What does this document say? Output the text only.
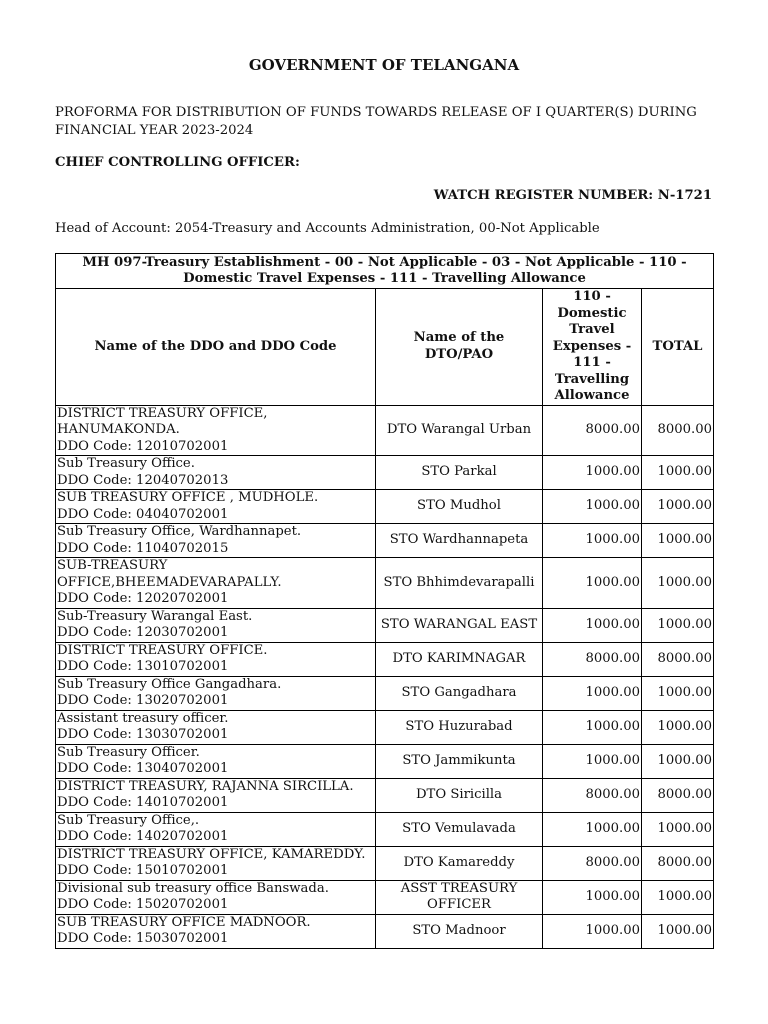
GOVERNMENT OF TELANGANA
PROFORMA FOR DISTRIBUTION OF FUNDS TOWARDS RELEASE OF I QUARTER(S) DURING FINANCIAL YEAR 2023-2024
CHIEF CONTROLLING OFFICER:
WATCH REGISTER NUMBER: N-1721
Head of Account: 2054-Treasury and Accounts Administration, 00-Not Applicable
MH 097-Treasury Establishment - 00 - Not Applicable - 03 - Not Applicable - 110 - Domestic Travel Expenses - 111 - Travelling Allowance			
Name of the DDO and DDO Code	Name of the DTO/PAO	110 - Domestic Travel Expenses - 111 - Travelling Allowance	TOTAL

DISTRICT TREASURY OFFICE, HANUMAKONDA.
DDO Code: 12010702001	DTO Warangal Urban	8000.00	8000.00

Sub Treasury Office.
DDO Code: 12040702013	STO Parkal	1000.00	1000.00

SUB TREASURY OFFICE , MUDHOLE.
DDO Code: 04040702001	STO Mudhol	1000.00	1000.00

Sub Treasury Office, Wardhannapet.
DDO Code: 11040702015	STO Wardhannapeta	1000.00	1000.00

SUB-TREASURY OFFICE,BHEEMADEVARAPALLY.
DDO Code: 12020702001	STO Bhhimdevarapalli	1000.00	1000.00

Sub-Treasury Warangal East.
DDO Code: 12030702001	STO WARANGAL EAST	1000.00	1000.00

DISTRICT TREASURY OFFICE.
DDO Code: 13010702001	DTO KARIMNAGAR	8000.00	8000.00

Sub Treasury Office Gangadhara.
DDO Code: 13020702001	STO Gangadhara	1000.00	1000.00

Assistant treasury officer.
DDO Code: 13030702001	STO Huzurabad	1000.00	1000.00

Sub Treasury Officer.
DDO Code: 13040702001	STO Jammikunta	1000.00	1000.00

DISTRICT TREASURY, RAJANNA SIRCILLA.
DDO Code: 14010702001	DTO Siricilla	8000.00	8000.00

Sub Treasury Office,.
DDO Code: 14020702001	STO Vemulavada	1000.00	1000.00

DISTRICT TREASURY OFFICE, KAMAREDDY.
DDO Code: 15010702001	DTO Kamareddy	8000.00	8000.00

Divisional sub treasury office Banswada.
DDO Code: 15020702001	ASST TREASURY OFFICER	1000.00	1000.00

SUB TREASURY OFFICE MADNOOR.
DDO Code: 15030702001	STO Madnoor	1000.00	1000.00
